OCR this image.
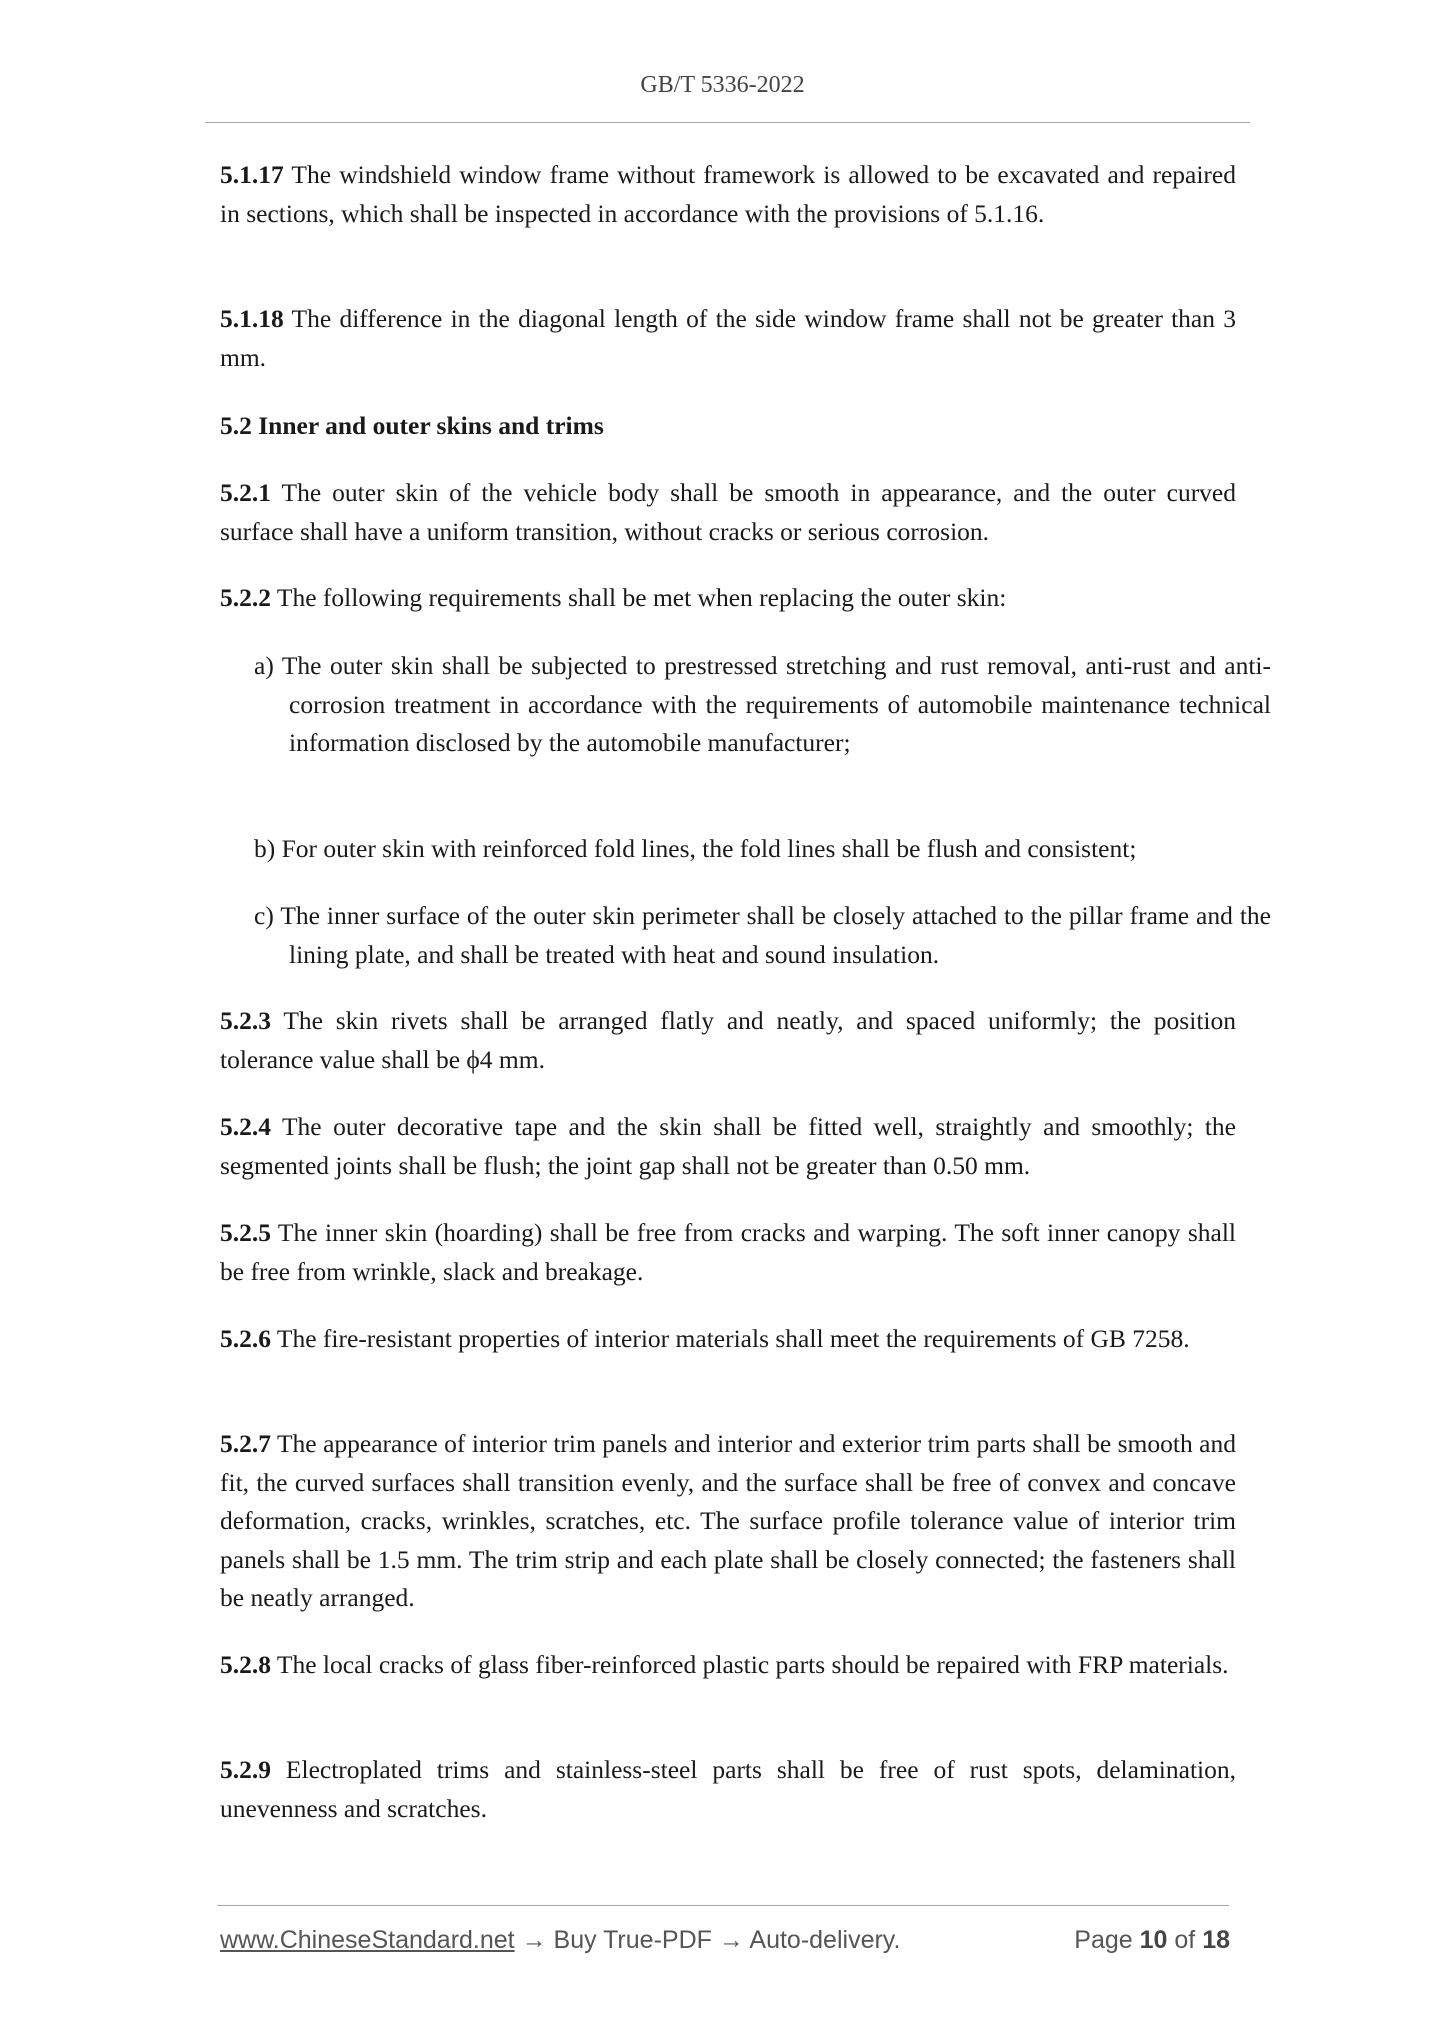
GB/T 5336-2022

5.1.17 The windshield window frame without framework is allowed to be excavated and repaired in sections, which shall be inspected in accordance with the provisions of 5.1.16.

5.1.18 The difference in the diagonal length of the side window frame shall not be greater than 3 mm.

5.2 Inner and outer skins and trims

5.2.1 The outer skin of the vehicle body shall be smooth in appearance, and the outer curved surface shall have a uniform transition, without cracks or serious corrosion.

5.2.2 The following requirements shall be met when replacing the outer skin:

a) The outer skin shall be subjected to prestressed stretching and rust removal, anti-rust and anti-corrosion treatment in accordance with the requirements of automobile maintenance technical information disclosed by the automobile manufacturer;

b) For outer skin with reinforced fold lines, the fold lines shall be flush and consistent;

c) The inner surface of the outer skin perimeter shall be closely attached to the pillar frame and the lining plate, and shall be treated with heat and sound insulation.

5.2.3 The skin rivets shall be arranged flatly and neatly, and spaced uniformly; the position tolerance value shall be ϕ4 mm.

5.2.4 The outer decorative tape and the skin shall be fitted well, straightly and smoothly; the segmented joints shall be flush; the joint gap shall not be greater than 0.50 mm.

5.2.5 The inner skin (hoarding) shall be free from cracks and warping. The soft inner canopy shall be free from wrinkle, slack and breakage.

5.2.6 The fire-resistant properties of interior materials shall meet the requirements of GB 7258.

5.2.7 The appearance of interior trim panels and interior and exterior trim parts shall be smooth and fit, the curved surfaces shall transition evenly, and the surface shall be free of convex and concave deformation, cracks, wrinkles, scratches, etc. The surface profile tolerance value of interior trim panels shall be 1.5 mm. The trim strip and each plate shall be closely connected; the fasteners shall be neatly arranged.

5.2.8 The local cracks of glass fiber-reinforced plastic parts should be repaired with FRP materials.

5.2.9 Electroplated trims and stainless-steel parts shall be free of rust spots, delamination, unevenness and scratches.

www.ChineseStandard.net → Buy True-PDF → Auto-delivery.	Page 10 of 18
